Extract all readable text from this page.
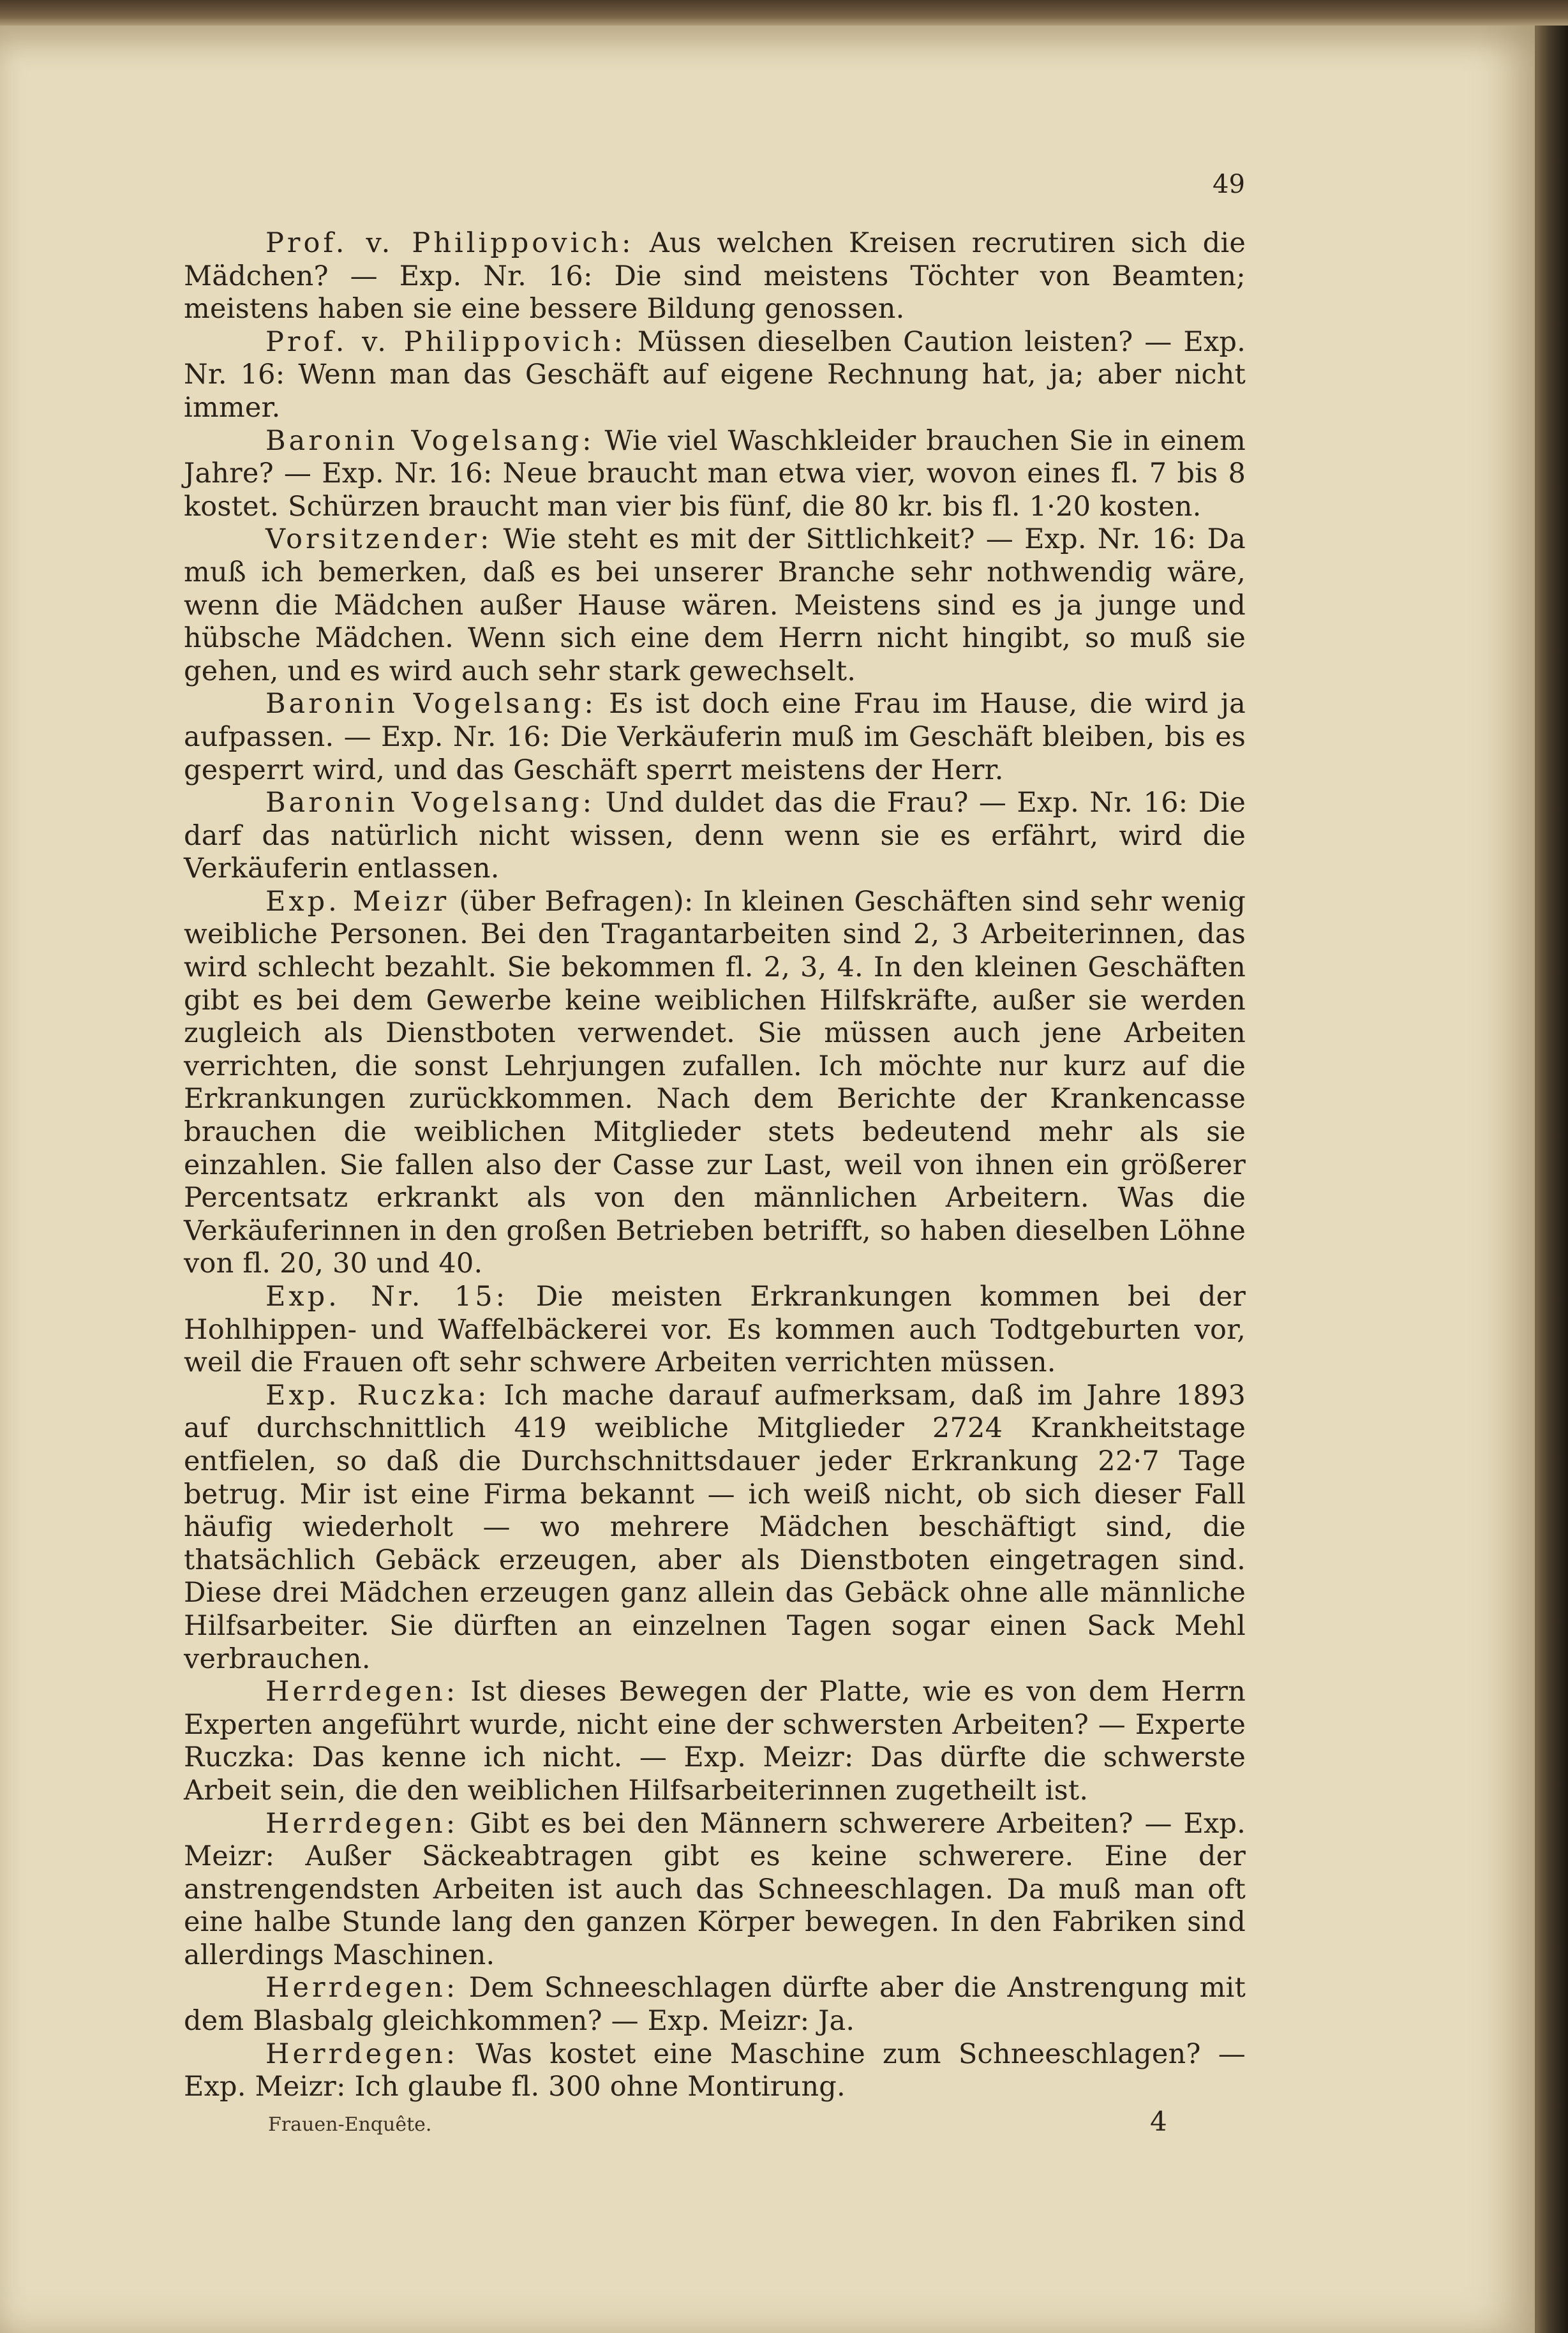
49

Prof. v. Philippovich: Aus welchen Kreisen recrutiren sich die Mädchen? — Exp. Nr. 16: Die sind meistens Töchter von Beamten; meistens haben sie eine bessere Bildung genossen.

Prof. v. Philippovich: Müssen dieselben Caution leisten? — Exp. Nr. 16: Wenn man das Geschäft auf eigene Rechnung hat, ja; aber nicht immer.

Baronin Vogelsang: Wie viel Waschkleider brauchen Sie in einem Jahre? — Exp. Nr. 16: Neue braucht man etwa vier, wovon eines fl. 7 bis 8 kostet. Schürzen braucht man vier bis fünf, die 80 kr. bis fl. 1·20 kosten.

Vorsitzender: Wie steht es mit der Sittlichkeit? — Exp. Nr. 16: Da muß ich bemerken, daß es bei unserer Branche sehr nothwendig wäre, wenn die Mädchen außer Hause wären. Meistens sind es ja junge und hübsche Mädchen. Wenn sich eine dem Herrn nicht hingibt, so muß sie gehen, und es wird auch sehr stark gewechselt.

Baronin Vogelsang: Es ist doch eine Frau im Hause, die wird ja aufpassen. — Exp. Nr. 16: Die Verkäuferin muß im Geschäft bleiben, bis es gesperrt wird, und das Geschäft sperrt meistens der Herr.

Baronin Vogelsang: Und duldet das die Frau? — Exp. Nr. 16: Die darf das natürlich nicht wissen, denn wenn sie es erfährt, wird die Verkäuferin entlassen.

Exp. Meizr (über Befragen): In kleinen Geschäften sind sehr wenig weibliche Personen. Bei den Tragantarbeiten sind 2, 3 Arbeiterinnen, das wird schlecht bezahlt. Sie bekommen fl. 2, 3, 4. In den kleinen Geschäften gibt es bei dem Gewerbe keine weiblichen Hilfskräfte, außer sie werden zugleich als Dienstboten verwendet. Sie müssen auch jene Arbeiten verrichten, die sonst Lehrjungen zufallen. Ich möchte nur kurz auf die Erkrankungen zurückkommen. Nach dem Berichte der Krankencasse brauchen die weiblichen Mitglieder stets bedeutend mehr als sie einzahlen. Sie fallen also der Casse zur Last, weil von ihnen ein größerer Percentsatz erkrankt als von den männlichen Arbeitern. Was die Verkäuferinnen in den großen Betrieben betrifft, so haben dieselben Löhne von fl. 20, 30 und 40.

Exp. Nr. 15: Die meisten Erkrankungen kommen bei der Hohlhippen- und Waffelbäckerei vor. Es kommen auch Todtgeburten vor, weil die Frauen oft sehr schwere Arbeiten verrichten müssen.

Exp. Ruczka: Ich mache darauf aufmerksam, daß im Jahre 1893 auf durchschnittlich 419 weibliche Mitglieder 2724 Krankheitstage entfielen, so daß die Durchschnittsdauer jeder Erkrankung 22·7 Tage betrug. Mir ist eine Firma bekannt — ich weiß nicht, ob sich dieser Fall häufig wiederholt — wo mehrere Mädchen beschäftigt sind, die thatsächlich Gebäck erzeugen, aber als Dienstboten eingetragen sind. Diese drei Mädchen erzeugen ganz allein das Gebäck ohne alle männliche Hilfsarbeiter. Sie dürften an einzelnen Tagen sogar einen Sack Mehl verbrauchen.

Herrdegen: Ist dieses Bewegen der Platte, wie es von dem Herrn Experten angeführt wurde, nicht eine der schwersten Arbeiten? — Experte Ruczka: Das kenne ich nicht. — Exp. Meizr: Das dürfte die schwerste Arbeit sein, die den weiblichen Hilfsarbeiterinnen zugetheilt ist.

Herrdegen: Gibt es bei den Männern schwerere Arbeiten? — Exp. Meizr: Außer Säckeabtragen gibt es keine schwerere. Eine der anstrengendsten Arbeiten ist auch das Schneeschlagen. Da muß man oft eine halbe Stunde lang den ganzen Körper bewegen. In den Fabriken sind allerdings Maschinen.

Herrdegen: Dem Schneeschlagen dürfte aber die Anstrengung mit dem Blasbalg gleichkommen? — Exp. Meizr: Ja.

Herrdegen: Was kostet eine Maschine zum Schneeschlagen? — Exp. Meizr: Ich glaube fl. 300 ohne Montirung.

Frauen-Enquête.	4
